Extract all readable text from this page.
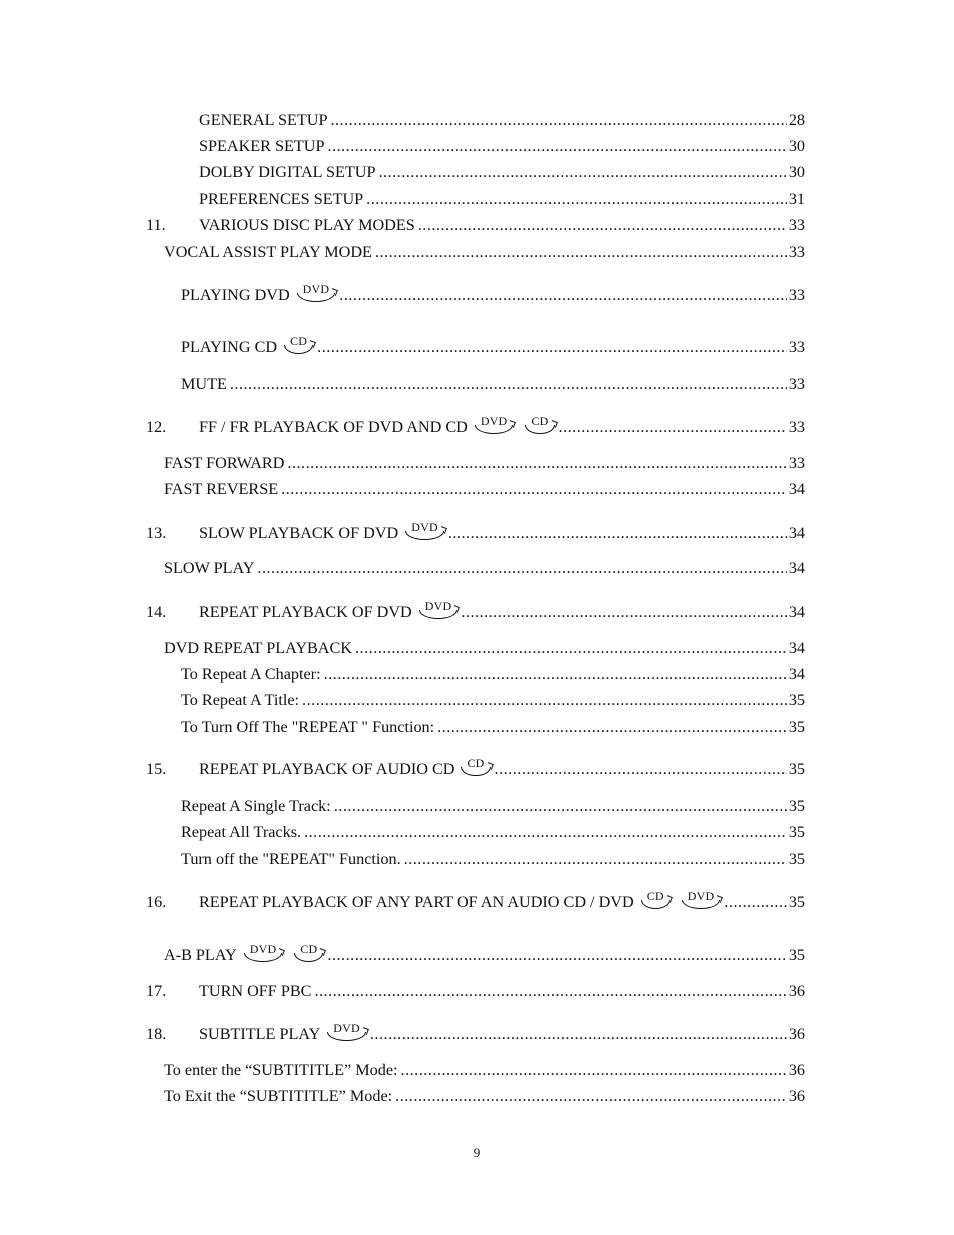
GENERAL SETUP .....	28
SPEAKER SETUP .....	30
DOLBY DIGITAL SETUP .....	30
PREFERENCES SETUP .....	31
11.	VARIOUS DISC PLAY MODES .....	33
VOCAL ASSIST PLAY MODE .....	33
PLAYING DVD	DVD .....	33
PLAYING CD	CD .....	33
MUTE .....	33
12.	FF / FR PLAYBACK OF DVD AND CD	DVD	CD .....	33
FAST FORWARD .....	33
FAST REVERSE .....	34
13.	SLOW PLAYBACK OF DVD	DVD .....	34
SLOW PLAY .....	34
14.	REPEAT PLAYBACK OF DVD	DVD .....	34
DVD REPEAT PLAYBACK .....	34
To Repeat A Chapter: .....	34
To Repeat A Title: .....	35
To Turn Off The "REPEAT " Function: .....	35
15.	REPEAT PLAYBACK OF AUDIO CD	CD .....	35
Repeat A Single Track: .....	35
Repeat All Tracks. .....	35
Turn off the "REPEAT" Function. .....	35
16.	REPEAT PLAYBACK OF ANY PART OF AN AUDIO CD / DVD	CD	DVD .....	35
A-B PLAY	DVD	CD .....	35
17.	TURN OFF PBC .....	36
18.	SUBTITLE PLAY	DVD .....	36
To enter the “SUBTITITLE” Mode: .....	36
To Exit the “SUBTITITLE” Mode: .....	36
9
